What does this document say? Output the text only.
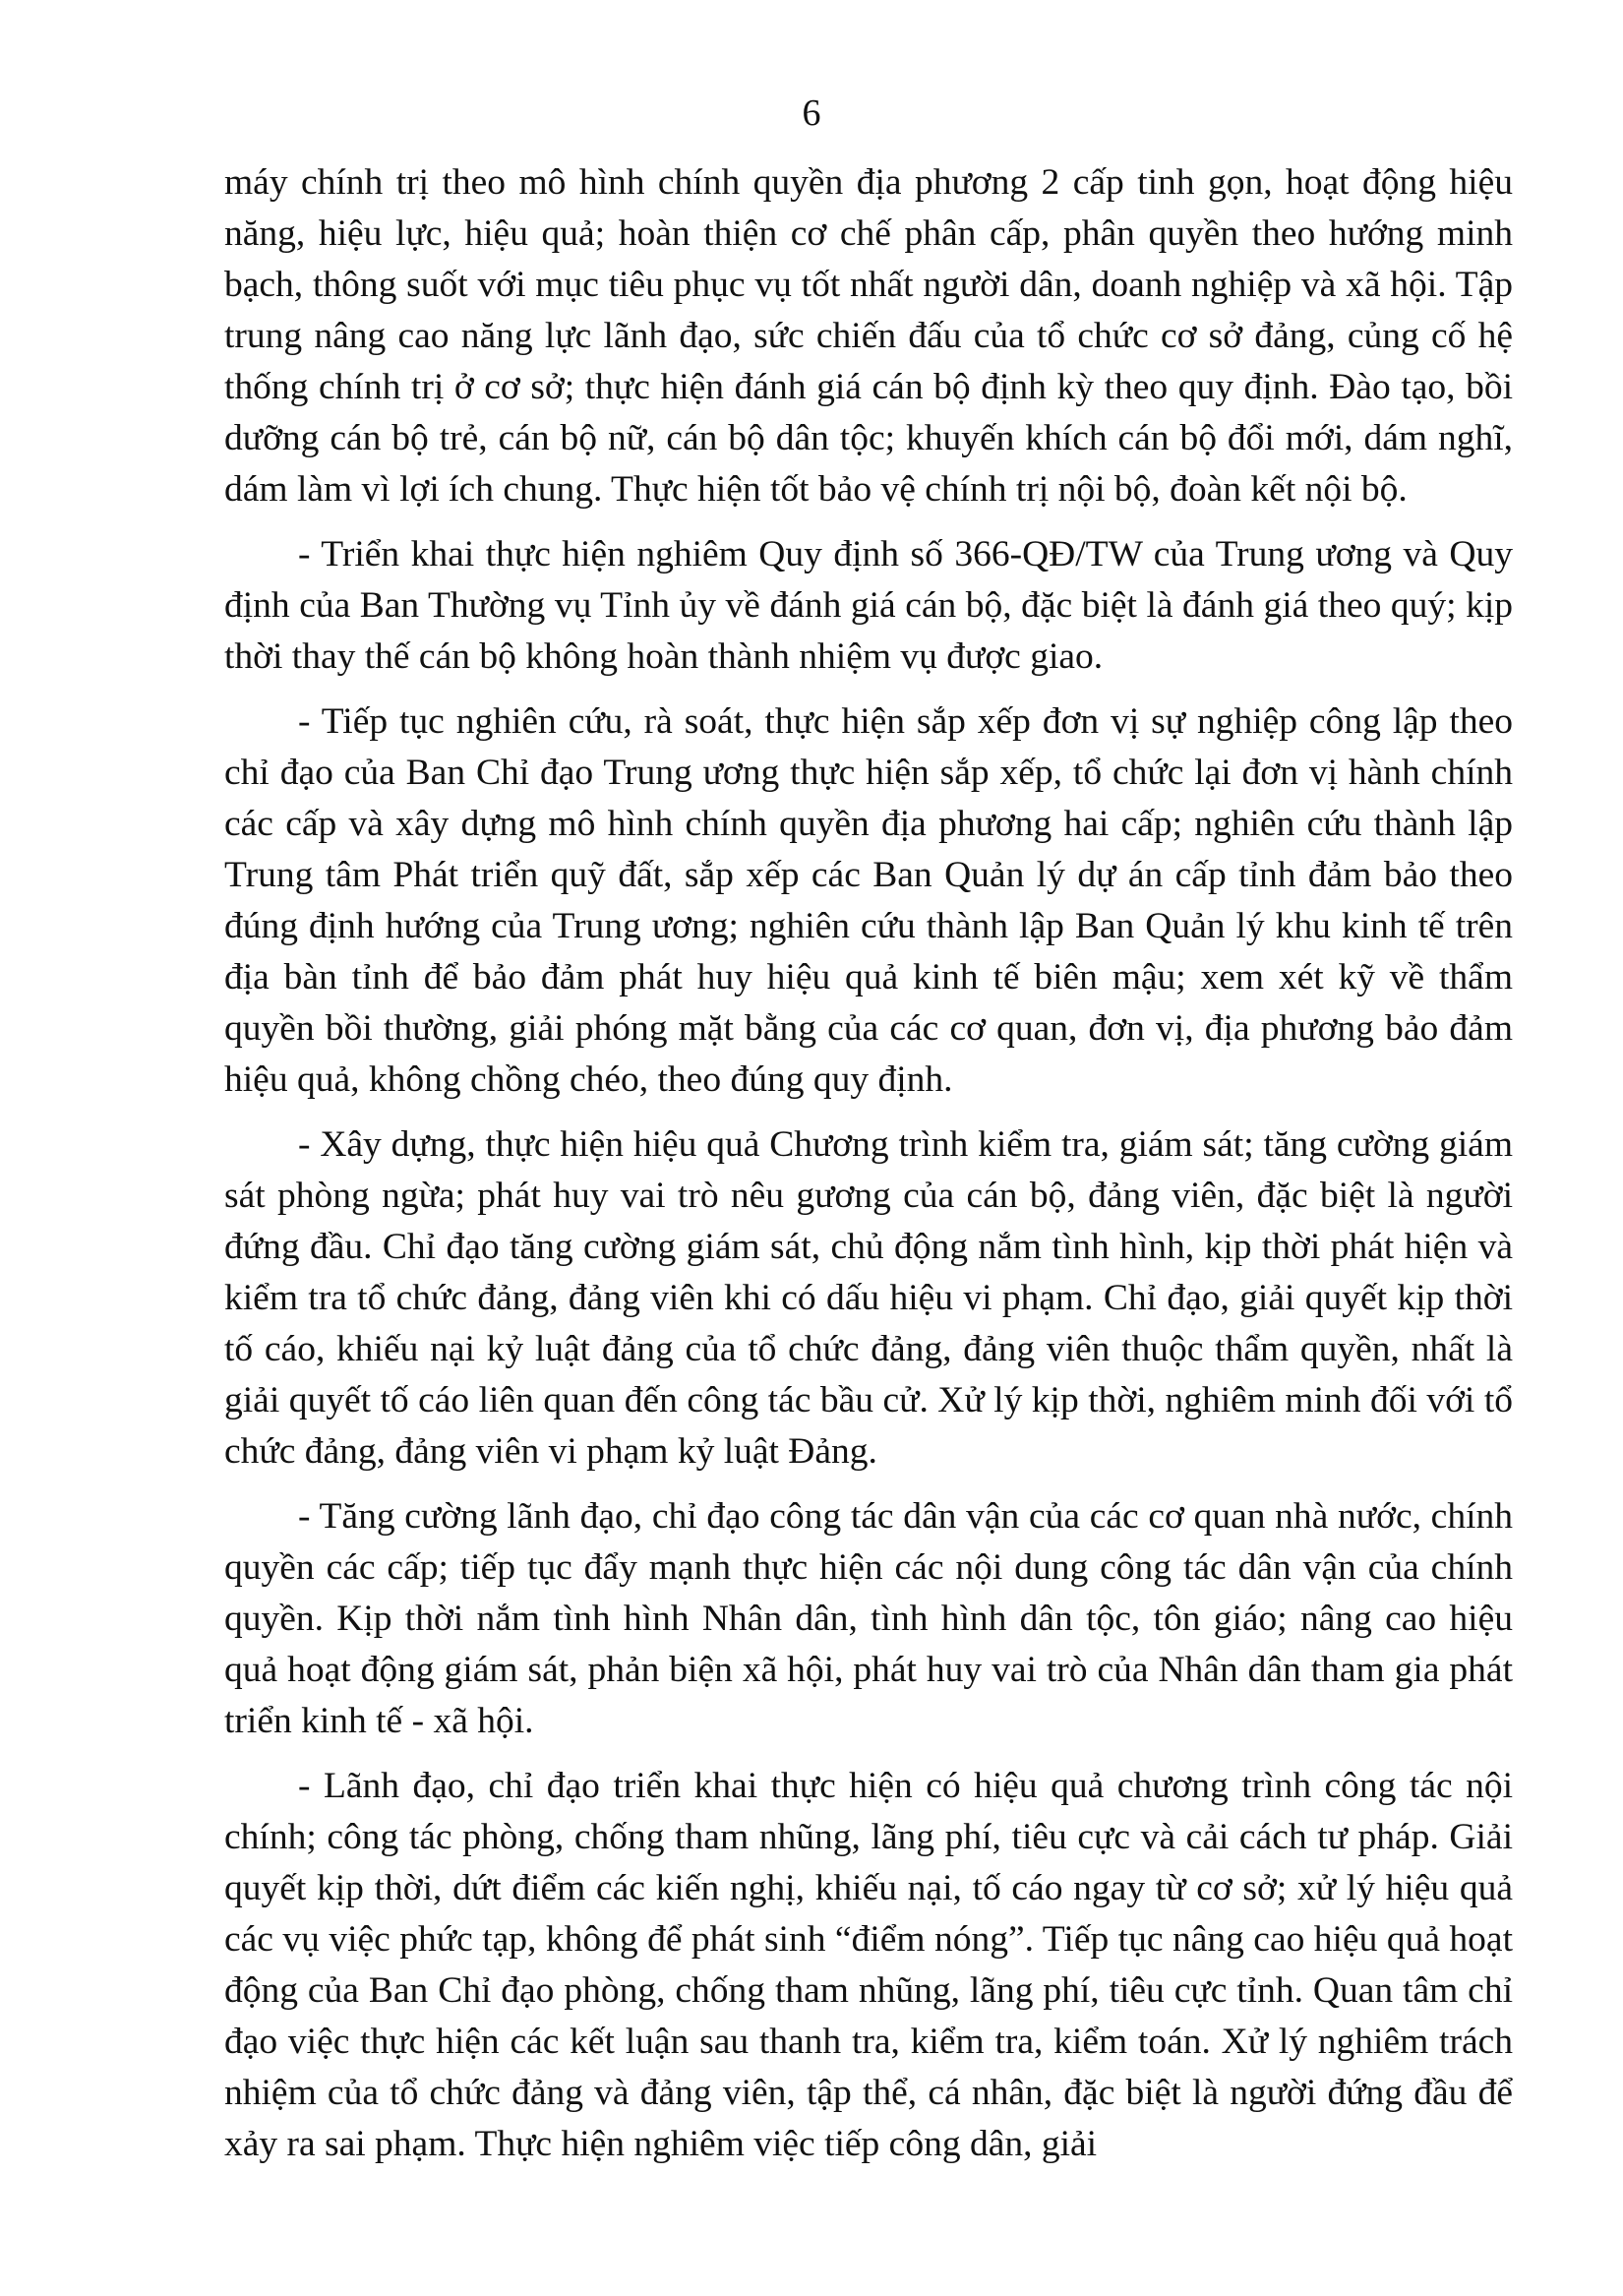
6

máy chính trị theo mô hình chính quyền địa phương 2 cấp tinh gọn, hoạt động hiệu năng, hiệu lực, hiệu quả; hoàn thiện cơ chế phân cấp, phân quyền theo hướng minh bạch, thông suốt với mục tiêu phục vụ tốt nhất người dân, doanh nghiệp và xã hội. Tập trung nâng cao năng lực lãnh đạo, sức chiến đấu của tổ chức cơ sở đảng, củng cố hệ thống chính trị ở cơ sở; thực hiện đánh giá cán bộ định kỳ theo quy định. Đào tạo, bồi dưỡng cán bộ trẻ, cán bộ nữ, cán bộ dân tộc; khuyến khích cán bộ đổi mới, dám nghĩ, dám làm vì lợi ích chung. Thực hiện tốt bảo vệ chính trị nội bộ, đoàn kết nội bộ.

- Triển khai thực hiện nghiêm Quy định số 366-QĐ/TW của Trung ương và Quy định của Ban Thường vụ Tỉnh ủy về đánh giá cán bộ, đặc biệt là đánh giá theo quý; kịp thời thay thế cán bộ không hoàn thành nhiệm vụ được giao.

- Tiếp tục nghiên cứu, rà soát, thực hiện sắp xếp đơn vị sự nghiệp công lập theo chỉ đạo của Ban Chỉ đạo Trung ương thực hiện sắp xếp, tổ chức lại đơn vị hành chính các cấp và xây dựng mô hình chính quyền địa phương hai cấp; nghiên cứu thành lập Trung tâm Phát triển quỹ đất, sắp xếp các Ban Quản lý dự án cấp tỉnh đảm bảo theo đúng định hướng của Trung ương; nghiên cứu thành lập Ban Quản lý khu kinh tế trên địa bàn tỉnh để bảo đảm phát huy hiệu quả kinh tế biên mậu; xem xét kỹ về thẩm quyền bồi thường, giải phóng mặt bằng của các cơ quan, đơn vị, địa phương bảo đảm hiệu quả, không chồng chéo, theo đúng quy định.

- Xây dựng, thực hiện hiệu quả Chương trình kiểm tra, giám sát; tăng cường giám sát phòng ngừa; phát huy vai trò nêu gương của cán bộ, đảng viên, đặc biệt là người đứng đầu. Chỉ đạo tăng cường giám sát, chủ động nắm tình hình, kịp thời phát hiện và kiểm tra tổ chức đảng, đảng viên khi có dấu hiệu vi phạm. Chỉ đạo, giải quyết kịp thời tố cáo, khiếu nại kỷ luật đảng của tổ chức đảng, đảng viên thuộc thẩm quyền, nhất là giải quyết tố cáo liên quan đến công tác bầu cử. Xử lý kịp thời, nghiêm minh đối với tổ chức đảng, đảng viên vi phạm kỷ luật Đảng.

- Tăng cường lãnh đạo, chỉ đạo công tác dân vận của các cơ quan nhà nước, chính quyền các cấp; tiếp tục đẩy mạnh thực hiện các nội dung công tác dân vận của chính quyền. Kịp thời nắm tình hình Nhân dân, tình hình dân tộc, tôn giáo; nâng cao hiệu quả hoạt động giám sát, phản biện xã hội, phát huy vai trò của Nhân dân tham gia phát triển kinh tế - xã hội.

- Lãnh đạo, chỉ đạo triển khai thực hiện có hiệu quả chương trình công tác nội chính; công tác phòng, chống tham nhũng, lãng phí, tiêu cực và cải cách tư pháp. Giải quyết kịp thời, dứt điểm các kiến nghị, khiếu nại, tố cáo ngay từ cơ sở; xử lý hiệu quả các vụ việc phức tạp, không để phát sinh “điểm nóng”. Tiếp tục nâng cao hiệu quả hoạt động của Ban Chỉ đạo phòng, chống tham nhũng, lãng phí, tiêu cực tỉnh. Quan tâm chỉ đạo việc thực hiện các kết luận sau thanh tra, kiểm tra, kiểm toán. Xử lý nghiêm trách nhiệm của tổ chức đảng và đảng viên, tập thể, cá nhân, đặc biệt là người đứng đầu để xảy ra sai phạm. Thực hiện nghiêm việc tiếp công dân, giải
